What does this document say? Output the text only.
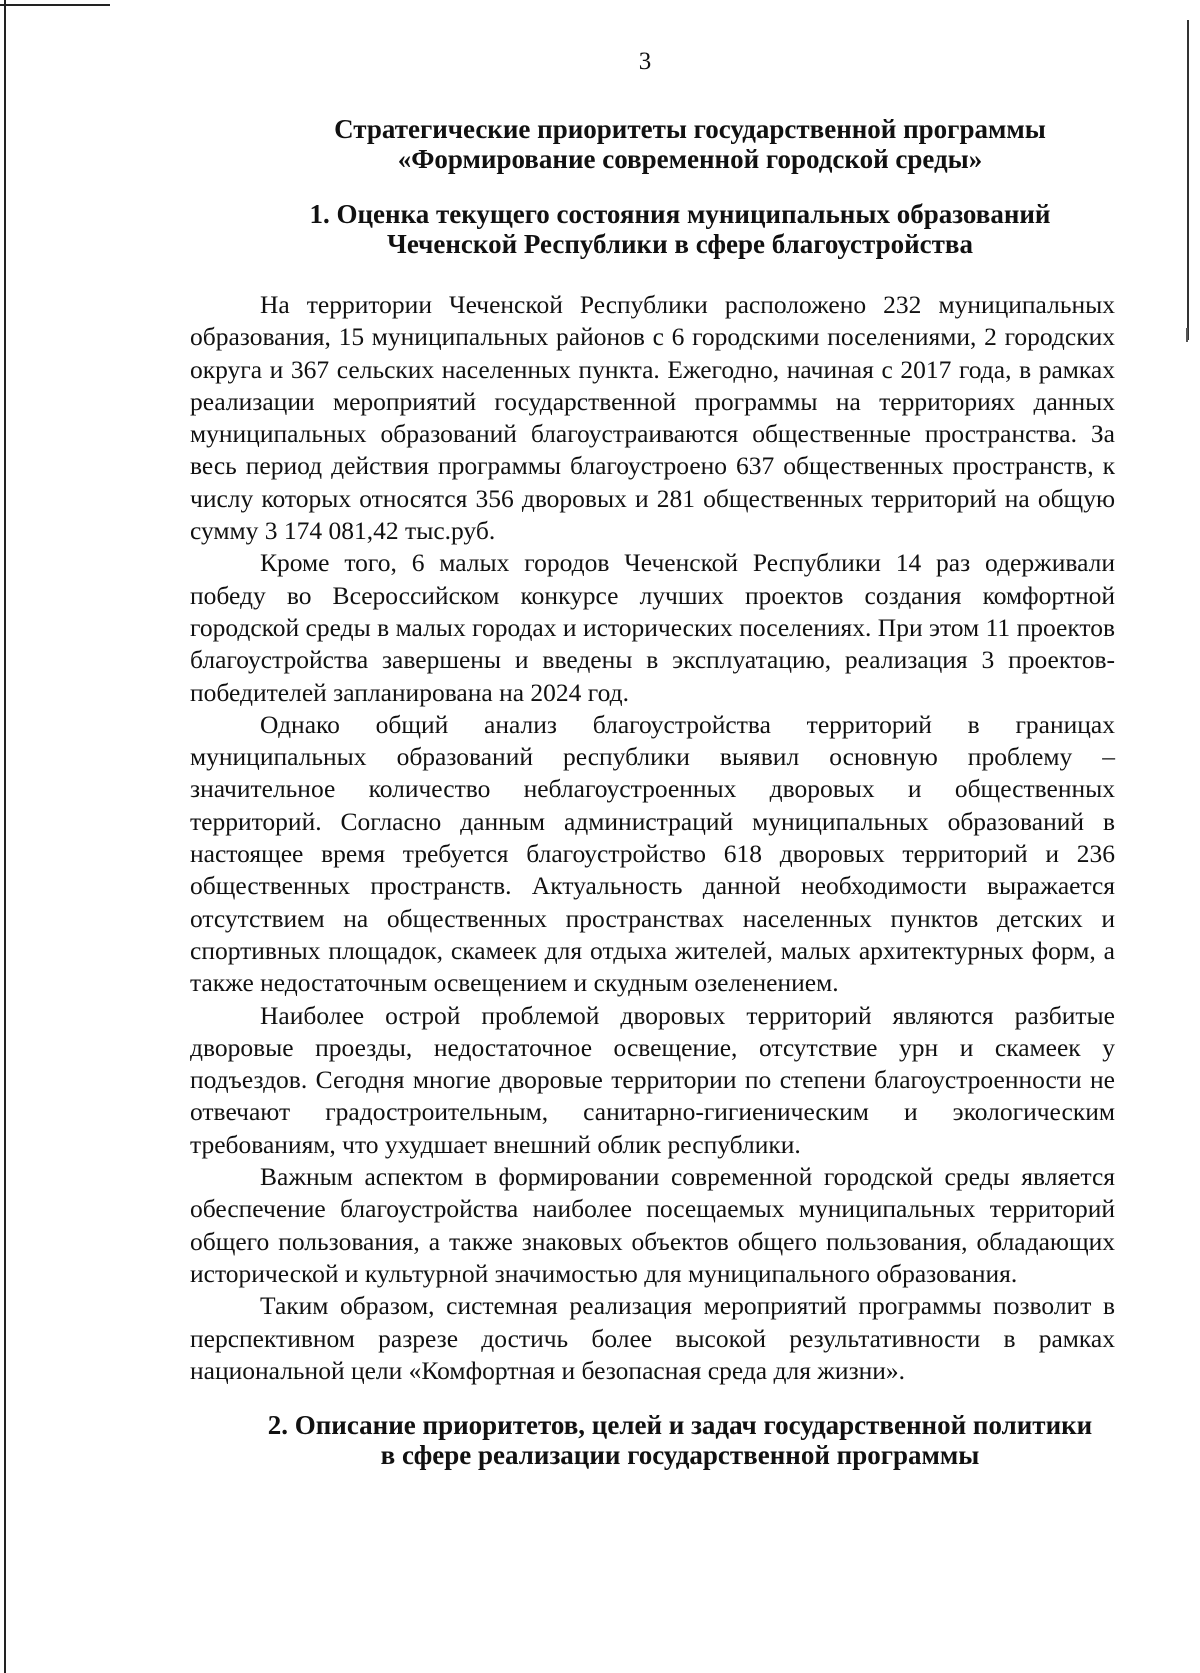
3
Стратегические приоритеты государственной программы
«Формирование современной городской среды»
1. Оценка текущего состояния муниципальных образований
Чеченской Республики в сфере благоустройства

На территории Чеченской Республики расположено 232 муниципальных образования, 15 муниципальных районов с 6 городскими поселениями, 2 городских округа и 367 сельских населенных пункта. Ежегодно, начиная с 2017 года, в рамках реализации мероприятий государственной программы на территориях данных муниципальных образований благоустраиваются общественные пространства. За весь период действия программы благоустроено 637 общественных пространств, к числу которых относятся 356 дворовых и 281 общественных территорий на общую сумму 3 174 081,42 тыс.руб.

Кроме того, 6 малых городов Чеченской Республики 14 раз одерживали победу во Всероссийском конкурсе лучших проектов создания комфортной городской среды в малых городах и исторических поселениях. При этом 11 проектов благоустройства завершены и введены в эксплуатацию, реализация 3 проектов-победителей запланирована на 2024 год.

Однако общий анализ благоустройства территорий в границах муниципальных образований республики выявил основную проблему – значительное количество неблагоустроенных дворовых и общественных территорий. Согласно данным администраций муниципальных образований в настоящее время требуется благоустройство 618 дворовых территорий и 236 общественных пространств. Актуальность данной необходимости выражается отсутствием на общественных пространствах населенных пунктов детских и спортивных площадок, скамеек для отдыха жителей, малых архитектурных форм, а также недостаточным освещением и скудным озеленением.

Наиболее острой проблемой дворовых территорий являются разбитые дворовые проезды, недостаточное освещение, отсутствие урн и скамеек у подъездов. Сегодня многие дворовые территории по степени благоустроенности не отвечают градостроительным, санитарно-гигиеническим и экологическим требованиям, что ухудшает внешний облик республики.

Важным аспектом в формировании современной городской среды является обеспечение благоустройства наиболее посещаемых муниципальных территорий общего пользования, а также знаковых объектов общего пользования, обладающих исторической и культурной значимостью для муниципального образования.

Таким образом, системная реализация мероприятий программы позволит в перспективном разрезе достичь более высокой результативности в рамках национальной цели «Комфортная и безопасная среда для жизни».

2. Описание приоритетов, целей и задач государственной политики
в сфере реализации государственной программы
